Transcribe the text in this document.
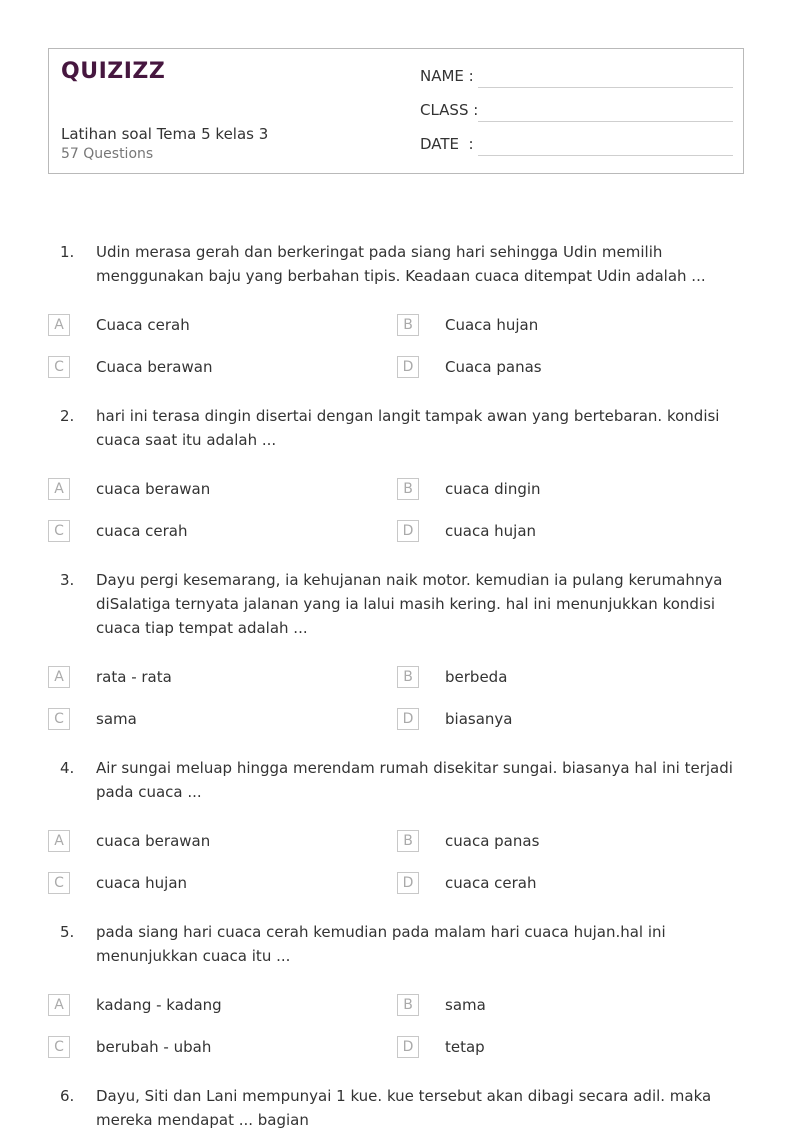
QUIZIZZ
Latihan soal Tema 5 kelas 3
57 Questions
NAME :
CLASS :
DATE  :
1. Udin merasa gerah dan berkeringat pada siang hari sehingga Udin memilih menggunakan baju yang berbahan tipis. Keadaan cuaca ditempat Udin adalah ...
A	Cuaca cerah	B	Cuaca hujan
C	Cuaca berawan	D	Cuaca panas
2. hari ini terasa dingin disertai dengan langit tampak awan yang bertebaran. kondisi cuaca saat itu adalah ...
A	cuaca berawan	B	cuaca dingin
C	cuaca cerah	D	cuaca hujan
3. Dayu pergi kesemarang, ia kehujanan naik motor. kemudian ia pulang kerumahnya diSalatiga ternyata jalanan yang ia lalui masih kering. hal ini menunjukkan kondisi cuaca tiap tempat adalah ...
A	rata - rata	B	berbeda
C	sama	D	biasanya
4. Air sungai meluap hingga merendam rumah disekitar sungai. biasanya hal ini terjadi pada cuaca ...
A	cuaca berawan	B	cuaca panas
C	cuaca hujan	D	cuaca cerah
5. pada siang hari cuaca cerah kemudian pada malam hari cuaca hujan.hal ini menunjukkan cuaca itu ...
A	kadang - kadang	B	sama
C	berubah - ubah	D	tetap
6. Dayu, Siti dan Lani mempunyai 1 kue. kue tersebut akan dibagi secara adil. maka mereka mendapat ... bagian
